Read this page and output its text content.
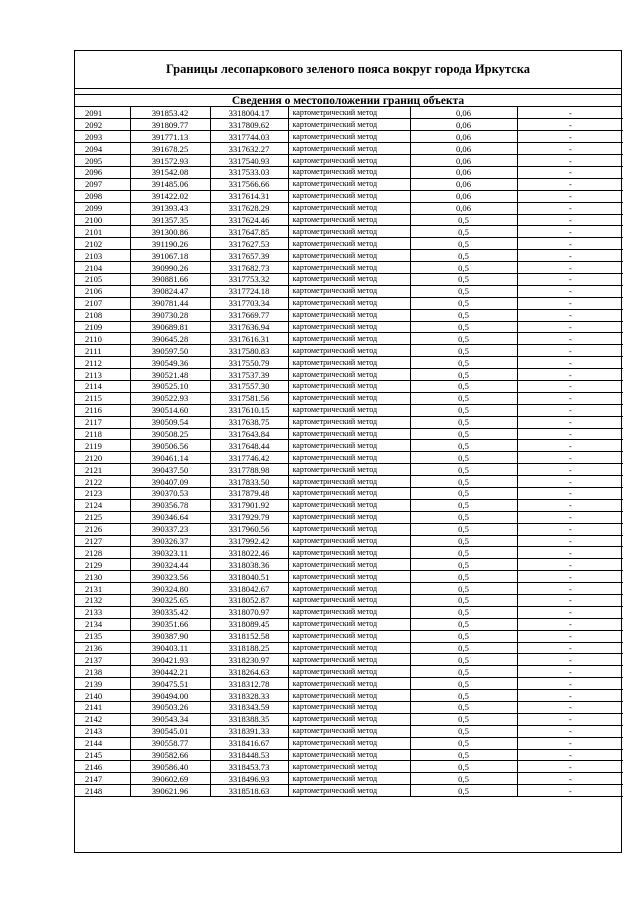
Границы лесопаркового зеленого пояса вокруг города Иркутска
Сведения о местоположении границ объекта
2091	391853.42	3318004.17	картометрический метод	0,06	-
2092	391809.77	3317809.62	картометрический метод	0,06	-
2093	391771.13	3317744.03	картометрический метод	0,06	-
2094	391678.25	3317632.27	картометрический метод	0,06	-
2095	391572.93	3317540.93	картометрический метод	0,06	-
2096	391542.08	3317533.03	картометрический метод	0,06	-
2097	391485.06	3317566.66	картометрический метод	0,06	-
2098	391422.02	3317614.31	картометрический метод	0,06	-
2099	391393.43	3317628.29	картометрический метод	0,06	-
2100	391357.35	3317624.46	картометрический метод	0,5	-
2101	391300.86	3317647.85	картометрический метод	0,5	-
2102	391190.26	3317627.53	картометрический метод	0,5	-
2103	391067.18	3317657.39	картометрический метод	0,5	-
2104	390990.26	3317682.73	картометрический метод	0,5	-
2105	390881.66	3317753.32	картометрический метод	0,5	-
2106	390824.47	3317724.18	картометрический метод	0,5	-
2107	390781.44	3317703.34	картометрический метод	0,5	-
2108	390730.28	3317669.77	картометрический метод	0,5	-
2109	390689.81	3317636.94	картометрический метод	0,5	-
2110	390645.28	3317616.31	картометрический метод	0,5	-
2111	390597.50	3317580.83	картометрический метод	0,5	-
2112	390549.36	3317550.79	картометрический метод	0,5	-
2113	390521.48	3317537.39	картометрический метод	0,5	-
2114	390525.10	3317557.30	картометрический метод	0,5	-
2115	390522.93	3317581.56	картометрический метод	0,5	-
2116	390514.60	3317610.15	картометрический метод	0,5	-
2117	390509.54	3317638.75	картометрический метод	0,5	-
2118	390508.25	3317643.84	картометрический метод	0,5	-
2119	390506.56	3317648.44	картометрический метод	0,5	-
2120	390461.14	3317746.42	картометрический метод	0,5	-
2121	390437.50	3317788.98	картометрический метод	0,5	-
2122	390407.09	3317833.50	картометрический метод	0,5	-
2123	390370.53	3317879.48	картометрический метод	0,5	-
2124	390356.78	3317901.92	картометрический метод	0,5	-
2125	390346.64	3317929.79	картометрический метод	0,5	-
2126	390337.23	3317960.56	картометрический метод	0,5	-
2127	390326.37	3317992.42	картометрический метод	0,5	-
2128	390323.11	3318022.46	картометрический метод	0,5	-
2129	390324.44	3318038.36	картометрический метод	0,5	-
2130	390323.56	3318040.51	картометрический метод	0,5	-
2131	390324.80	3318042.67	картометрический метод	0,5	-
2132	390325.65	3318052.87	картометрический метод	0,5	-
2133	390335.42	3318070.97	картометрический метод	0,5	-
2134	390351.66	3318089.45	картометрический метод	0,5	-
2135	390387.90	3318152.58	картометрический метод	0,5	-
2136	390403.11	3318188.25	картометрический метод	0,5	-
2137	390421.93	3318230.97	картометрический метод	0,5	-
2138	390442.21	3318264.63	картометрический метод	0,5	-
2139	390475.51	3318312.78	картометрический метод	0,5	-
2140	390494.00	3318328.33	картометрический метод	0,5	-
2141	390503.26	3318343.59	картометрический метод	0,5	-
2142	390543.34	3318388.35	картометрический метод	0,5	-
2143	390545.01	3318391.33	картометрический метод	0,5	-
2144	390558.77	3318416.67	картометрический метод	0,5	-
2145	390582.66	3318448.53	картометрический метод	0,5	-
2146	390586.40	3318453.73	картометрический метод	0,5	-
2147	390602.69	3318496.93	картометрический метод	0,5	-
2148	390621.96	3318518.63	картометрический метод	0,5	-
